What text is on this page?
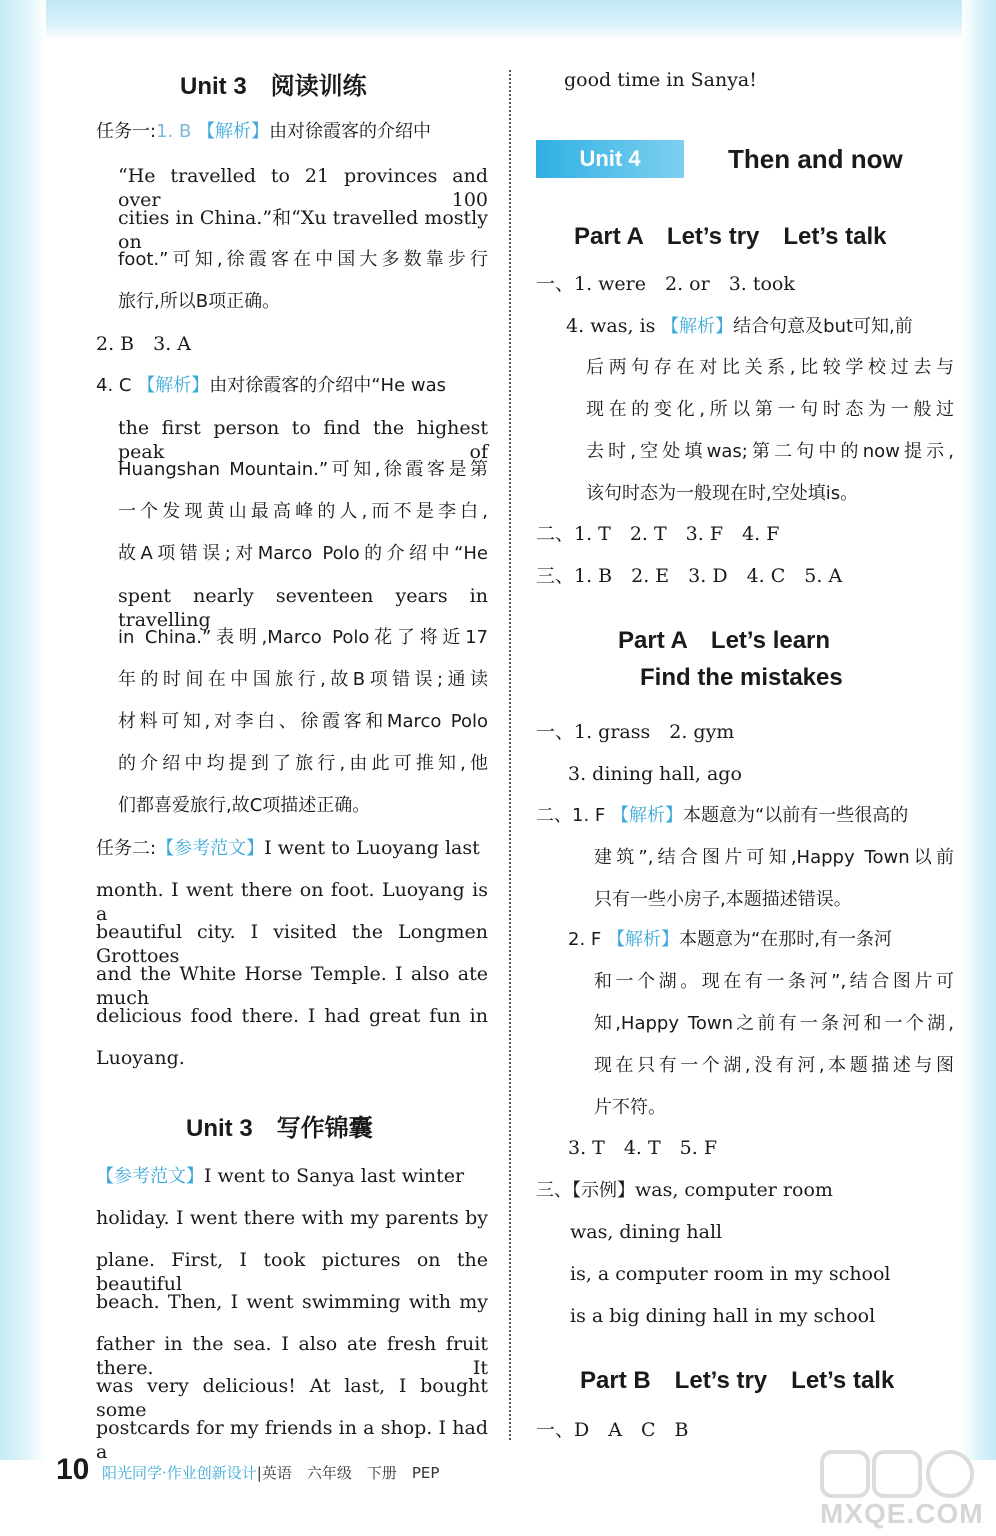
Unit 3　阅读训练
任务一:1. B 【解析】由对徐霞客的介绍中
“He travelled to 21 provinces and over 100
cities in China.”和“Xu travelled mostly on
foot.”可知,徐霞客在中国大多数靠步行
旅行,所以B项正确。
2. B　3. A
4. C 【解析】由对徐霞客的介绍中“He was
the first person to find the highest peak of
Huangshan Mountain.”可知,徐霞客是第
一个发现黄山最高峰的人,而不是李白,
故A项错误;对Marco Polo的介绍中“He
spent nearly seventeen years in travelling
in China.”表明,Marco Polo花了将近17
年的时间在中国旅行,故B项错误;通读
材料可知,对李白、徐霞客和Marco Polo
的介绍中均提到了旅行,由此可推知,他
们都喜爱旅行,故C项描述正确。
任务二:【参考范文】I went to Luoyang last
month. I went there on foot. Luoyang is a
beautiful city. I visited the Longmen Grottoes
and the White Horse Temple. I also ate much
delicious food there. I had great fun in
Luoyang.
Unit 3　写作锦囊
【参考范文】I went to Sanya last winter
holiday. I went there with my parents by
plane. First, I took pictures on the beautiful
beach. Then, I went swimming with my
father in the sea. I also ate fresh fruit there. It
was very delicious! At last, I bought some
postcards for my friends in a shop. I had a
good time in Sanya!
Unit 4	Then and now
Part A　Let’s try　Let’s talk
一、1. were　2. or　3. took
4. was, is 【解析】结合句意及but可知,前
后两句存在对比关系,比较学校过去与
现在的变化,所以第一句时态为一般过
去时,空处填was;第二句中的now提示,
该句时态为一般现在时,空处填is。
二、1. T　2. T　3. F　4. F
三、1. B　2. E　3. D　4. C　5. A
Part A　Let’s learn
Find the mistakes
一、1. grass　2. gym
3. dining hall, ago
二、1. F 【解析】本题意为“以前有一些很高的
建筑”,结合图片可知,Happy Town以前
只有一些小房子,本题描述错误。
2. F 【解析】本题意为“在那时,有一条河
和一个湖。现在有一条河”,结合图片可
知,Happy Town之前有一条河和一个湖,
现在只有一个湖,没有河,本题描述与图
片不符。
3. T　4. T　5. F
三、【示例】was, computer room
was, dining hall
is, a computer room in my school
is a big dining hall in my school
Part B　Let’s try　Let’s talk
一、D　A　C　B
10 阳光同学·作业创新设计|英语　六年级　下册　PEP
MXQE.COM
